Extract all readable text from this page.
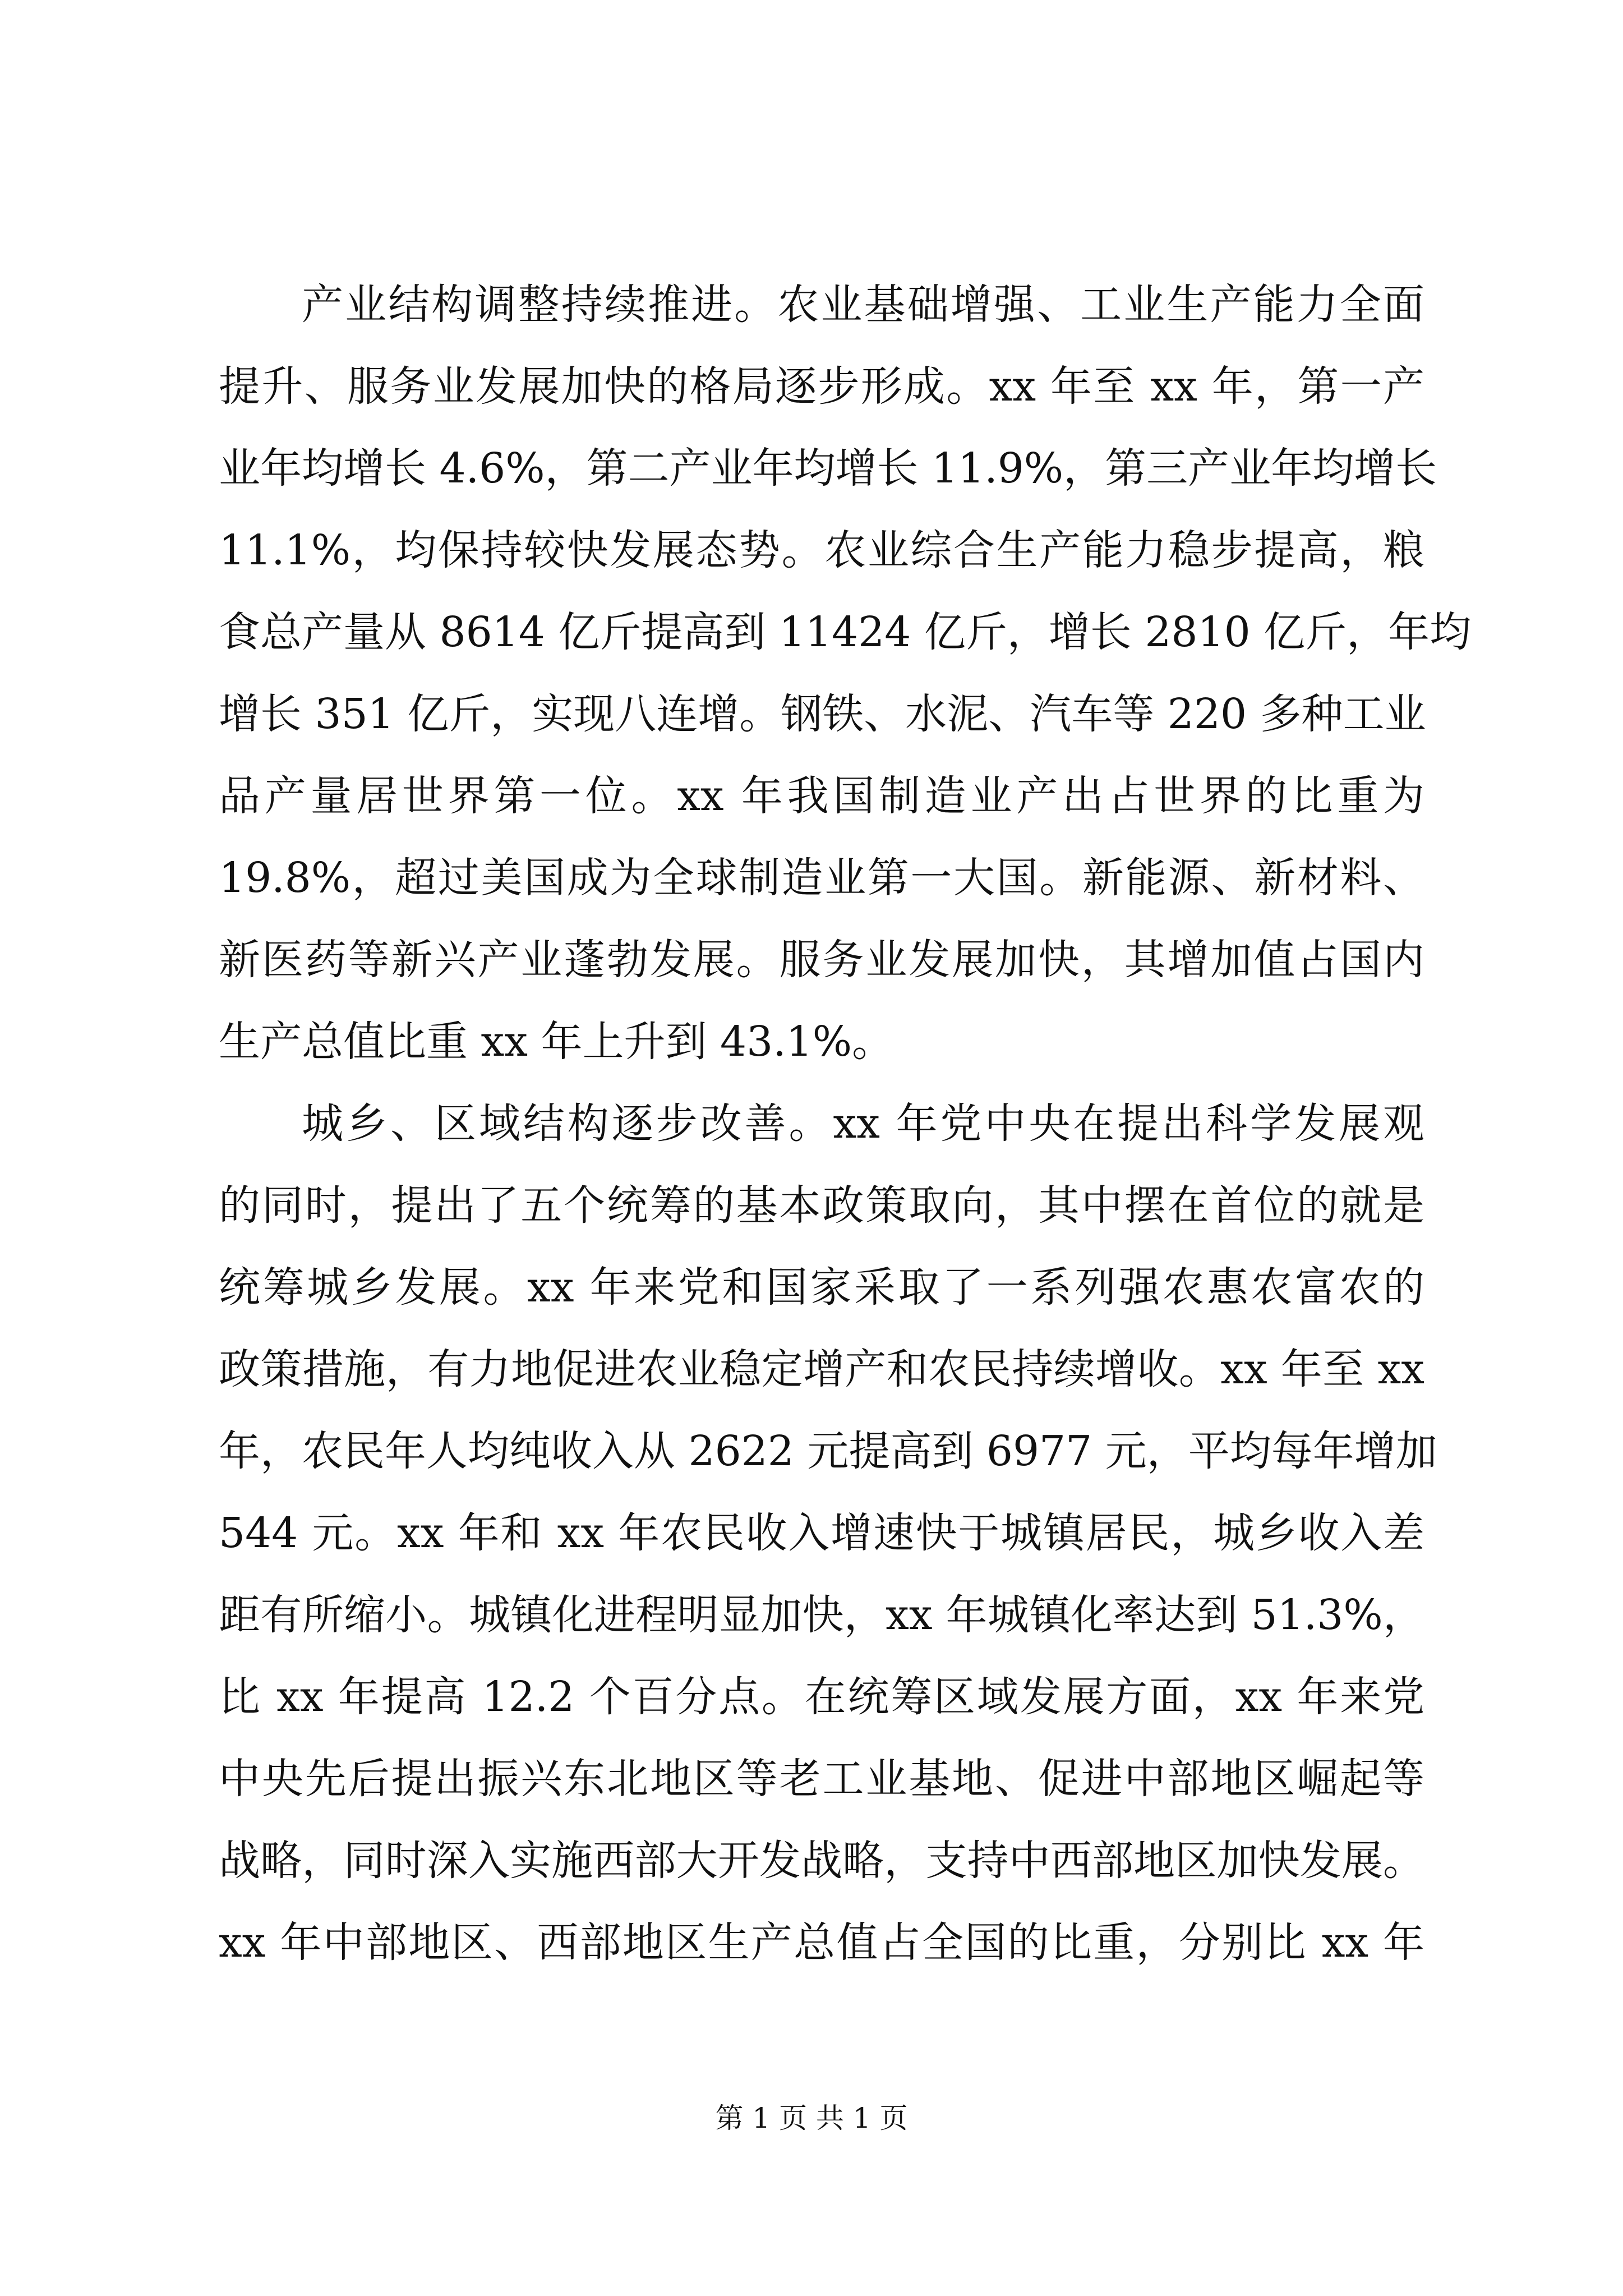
产业结构调整持续推进。农业基础增强、工业生产能力全面
提升、服务业发展加快的格局逐步形成。xx 年至 xx 年，第一产
业年均增长 4.6%，第二产业年均增长 11.9%，第三产业年均增长
11.1%，均保持较快发展态势。农业综合生产能力稳步提高，粮
食总产量从 8614 亿斤提高到 11424 亿斤，增长 2810 亿斤，年均
增长 351 亿斤，实现八连增。钢铁、水泥、汽车等 220 多种工业
品产量居世界第一位。xx 年我国制造业产出占世界的比重为
19.8%，超过美国成为全球制造业第一大国。新能源、新材料、
新医药等新兴产业蓬勃发展。服务业发展加快，其增加值占国内
生产总值比重 xx 年上升到 43.1%。
城乡、区域结构逐步改善。xx 年党中央在提出科学发展观
的同时，提出了五个统筹的基本政策取向，其中摆在首位的就是
统筹城乡发展。xx 年来党和国家采取了一系列强农惠农富农的
政策措施，有力地促进农业稳定增产和农民持续增收。xx 年至 xx
年，农民年人均纯收入从 2622 元提高到 6977 元，平均每年增加
544 元。xx 年和 xx 年农民收入增速快于城镇居民，城乡收入差
距有所缩小。城镇化进程明显加快，xx 年城镇化率达到 51.3%，
比 xx 年提高 12.2 个百分点。在统筹区域发展方面，xx 年来党
中央先后提出振兴东北地区等老工业基地、促进中部地区崛起等
战略，同时深入实施西部大开发战略，支持中西部地区加快发展。
xx 年中部地区、西部地区生产总值占全国的比重，分别比 xx 年
第 1 页 共 1 页
